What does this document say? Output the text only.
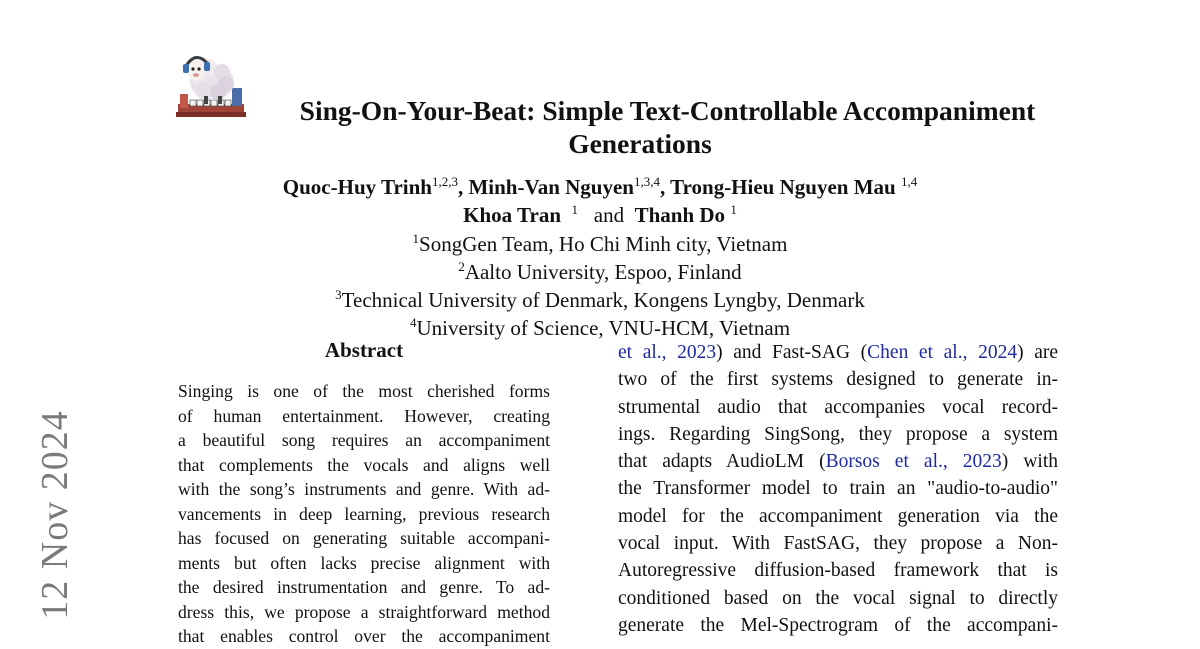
Sing-On-Your-Beat: Simple Text-Controllable Accompaniment
Generations
Quoc-Huy Trinh$^{1,2,3}$, Minh-Van Nguyen$^{1,3,4}$, Trong-Hieu Nguyen Mau $^{1,4}$
Khoa Tran $^1$ and Thanh Do $^1$
$^1$SongGen Team, Ho Chi Minh city, Vietnam
$^2$Aalto University, Espoo, Finland
$^3$Technical University of Denmark, Kongens Lyngby, Denmark
$^4$University of Science, VNU-HCM, Vietnam
12 Nov 2024
Abstract
Singing is one of the most cherished forms
of human entertainment. However, creating
a beautiful song requires an accompaniment
that complements the vocals and aligns well
with the song’s instruments and genre. With ad-
vancements in deep learning, previous research
has focused on generating suitable accompani-
ments but often lacks precise alignment with
the desired instrumentation and genre. To ad-
dress this, we propose a straightforward method
that enables control over the accompaniment
et al., 2023) and Fast-SAG (Chen et al., 2024) are
two of the first systems designed to generate in-
strumental audio that accompanies vocal record-
ings. Regarding SingSong, they propose a system
that adapts AudioLM (Borsos et al., 2023) with
the Transformer model to train an "audio-to-audio"
model for the accompaniment generation via the
vocal input. With FastSAG, they propose a Non-
Autoregressive diffusion-based framework that is
conditioned based on the vocal signal to directly
generate the Mel-Spectrogram of the accompani-
